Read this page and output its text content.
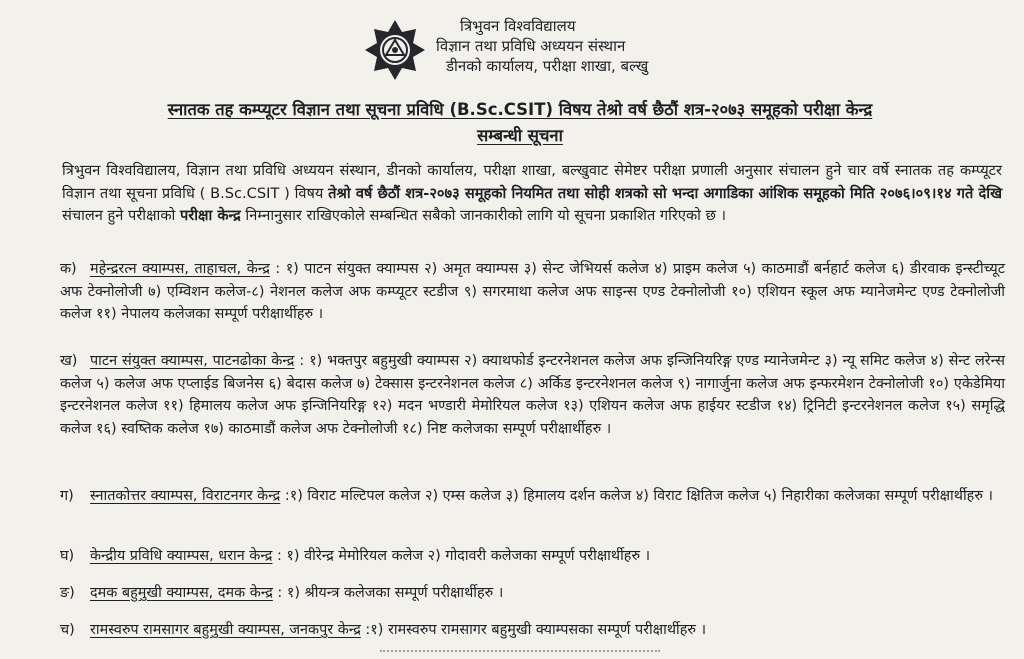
त्रिभुवन विश्वविद्यालय
विज्ञान तथा प्रविधि अध्ययन संस्थान
डीनको कार्यालय, परीक्षा शाखा, बल्खु
स्नातक तह कम्प्यूटर विज्ञान तथा सूचना प्रविधि (B.Sc.CSIT) विषय तेश्रो वर्ष छैठौं शत्र-२०७३ समूहको परीक्षा केन्द्र
सम्बन्धी सूचना
त्रिभुवन विश्वविद्यालय, विज्ञान तथा प्रविधि अध्ययन संस्थान, डीनको कार्यालय, परीक्षा शाखा, बल्खुवाट सेमेष्टर परीक्षा प्रणाली अनुसार संचालन हुने चार वर्षे स्नातक तह कम्प्यूटर विज्ञान तथा सूचना प्रविधि ( B.Sc.CSIT ) विषय तेश्रो वर्ष छैठौं शत्र-२०७३ समूहको नियमित तथा सोही शत्रको सो भन्दा अगाडिका आंशिक समूहको मिति २०७६।०९।१४ गते देखि संचालन हुने परीक्षाको परीक्षा केन्द्र निम्नानुसार राखिएकोले सम्बन्धित सबैको जानकारीको लागि यो सूचना प्रकाशित गरिएको छ ।
क) महेन्द्ररत्न क्याम्पस, ताहाचल, केन्द्र : १) पाटन संयुक्त क्याम्पस २) अमृत क्याम्पस ३) सेन्ट जेभियर्स कलेज ४) प्राइम कलेज ५) काठमाडौं बर्नहार्ट कलेज ६) डीरवाक इन्स्टीच्यूट अफ टेक्नोलोजी ७) एम्विशन कलेज-८) नेशनल कलेज अफ कम्प्यूटर स्टडीज ९) सगरमाथा कलेज अफ साइन्स एण्ड टेक्नोलोजी १०) एशियन स्कूल अफ म्यानेजमेन्ट एण्ड टेक्नोलोजी कलेज ११) नेपालय कलेजका सम्पूर्ण परीक्षार्थीहरु ।
ख) पाटन संयुक्त क्याम्पस, पाटनढोका केन्द्र : १) भक्तपुर बहुमुखी क्याम्पस २) क्याथफोर्ड इन्टरनेशनल कलेज अफ इन्जिनियरिङ्ग एण्ड म्यानेजमेन्ट ३) न्यू समिट कलेज ४) सेन्ट लरेन्स कलेज ५) कलेज अफ एप्लाईड बिजनेस ६) बेदास कलेज ७) टेक्सास इन्टरनेशनल कलेज ८) अर्किड इन्टरनेशनल कलेज ९) नागार्जुना कलेज अफ इन्फरमेशन टेक्नोलोजी १०) एकेडेमिया इन्टरनेशनल कलेज ११) हिमालय कलेज अफ इन्जिनियरिङ्ग १२) मदन भण्डारी मेमोरियल कलेज १३) एशियन कलेज अफ हाईयर स्टडीज १४) ट्रिनिटी इन्टरनेशनल कलेज १५) समृद्धि कलेज १६) स्वष्तिक कलेज १७) काठमाडौं कलेज अफ टेक्नोलोजी १८) निष्ट कलेजका सम्पूर्ण परीक्षार्थीहरु ।
ग) स्नातकोत्तर क्याम्पस, विराटनगर केन्द्र :१) विराट मल्टिपल कलेज २) एम्स कलेज ३) हिमालय दर्शन कलेज ४) विराट क्षितिज कलेज ५) निहारीका कलेजका सम्पूर्ण परीक्षार्थीहरु ।
घ) केन्द्रीय प्रविधि क्याम्पस, धरान केन्द्र : १) वीरेन्द्र मेमोरियल कलेज २) गोदावरी कलेजका सम्पूर्ण परीक्षार्थीहरु ।
ङ) दमक बहुमुखी क्याम्पस, दमक केन्द्र : १) श्रीयन्त्र कलेजका सम्पूर्ण परीक्षार्थीहरु ।
च) रामस्वरुप रामसागर बहुमुखी क्याम्पस, जनकपुर केन्द्र :१) रामस्वरुप रामसागर बहुमुखी क्याम्पसका सम्पूर्ण परीक्षार्थीहरु ।
